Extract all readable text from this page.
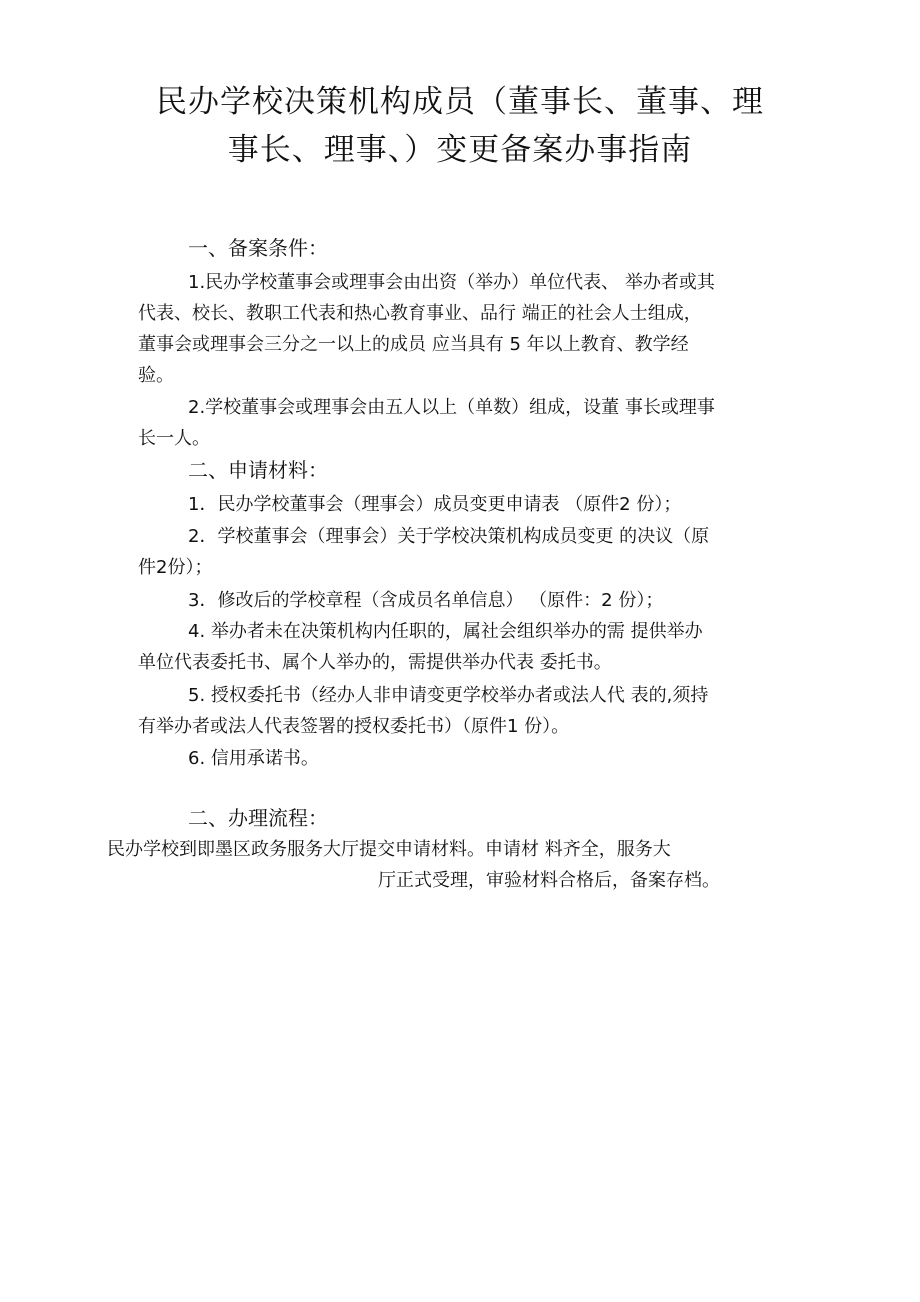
民办学校决策机构成员（董事长、董事、理
事长、理事、）变更备案办事指南
一、备案条件：
1.民办学校董事会或理事会由出资（举办）单位代表、 举办者或其
代表、校长、教职工代表和热心教育事业、品行 端正的社会人士组成，
董事会或理事会三分之一以上的成员 应当具有 5 年以上教育、教学经
验。
2.学校董事会或理事会由五人以上（单数）组成，设董 事长或理事
长一人。
二、申请材料：
1．民办学校董事会（理事会）成员变更申请表 （原件2 份）；
2．学校董事会（理事会）关于学校决策机构成员变更 的决议（原
件2份）；
3．修改后的学校章程（含成员名单信息） （原件：2 份）；
4. 举办者未在决策机构内任职的，属社会组织举办的需 提供举办
单位代表委托书、属个人举办的，需提供举办代表 委托书。
5. 授权委托书（经办人非申请变更学校举办者或法人代 表的,须持
有举办者或法人代表签署的授权委托书）（原件1 份）。
6. 信用承诺书。
二、办理流程：
民办学校到即墨区政务服务大厅提交申请材料。申请材 料齐全，服务大
厅正式受理，审验材料合格后，备案存档。
